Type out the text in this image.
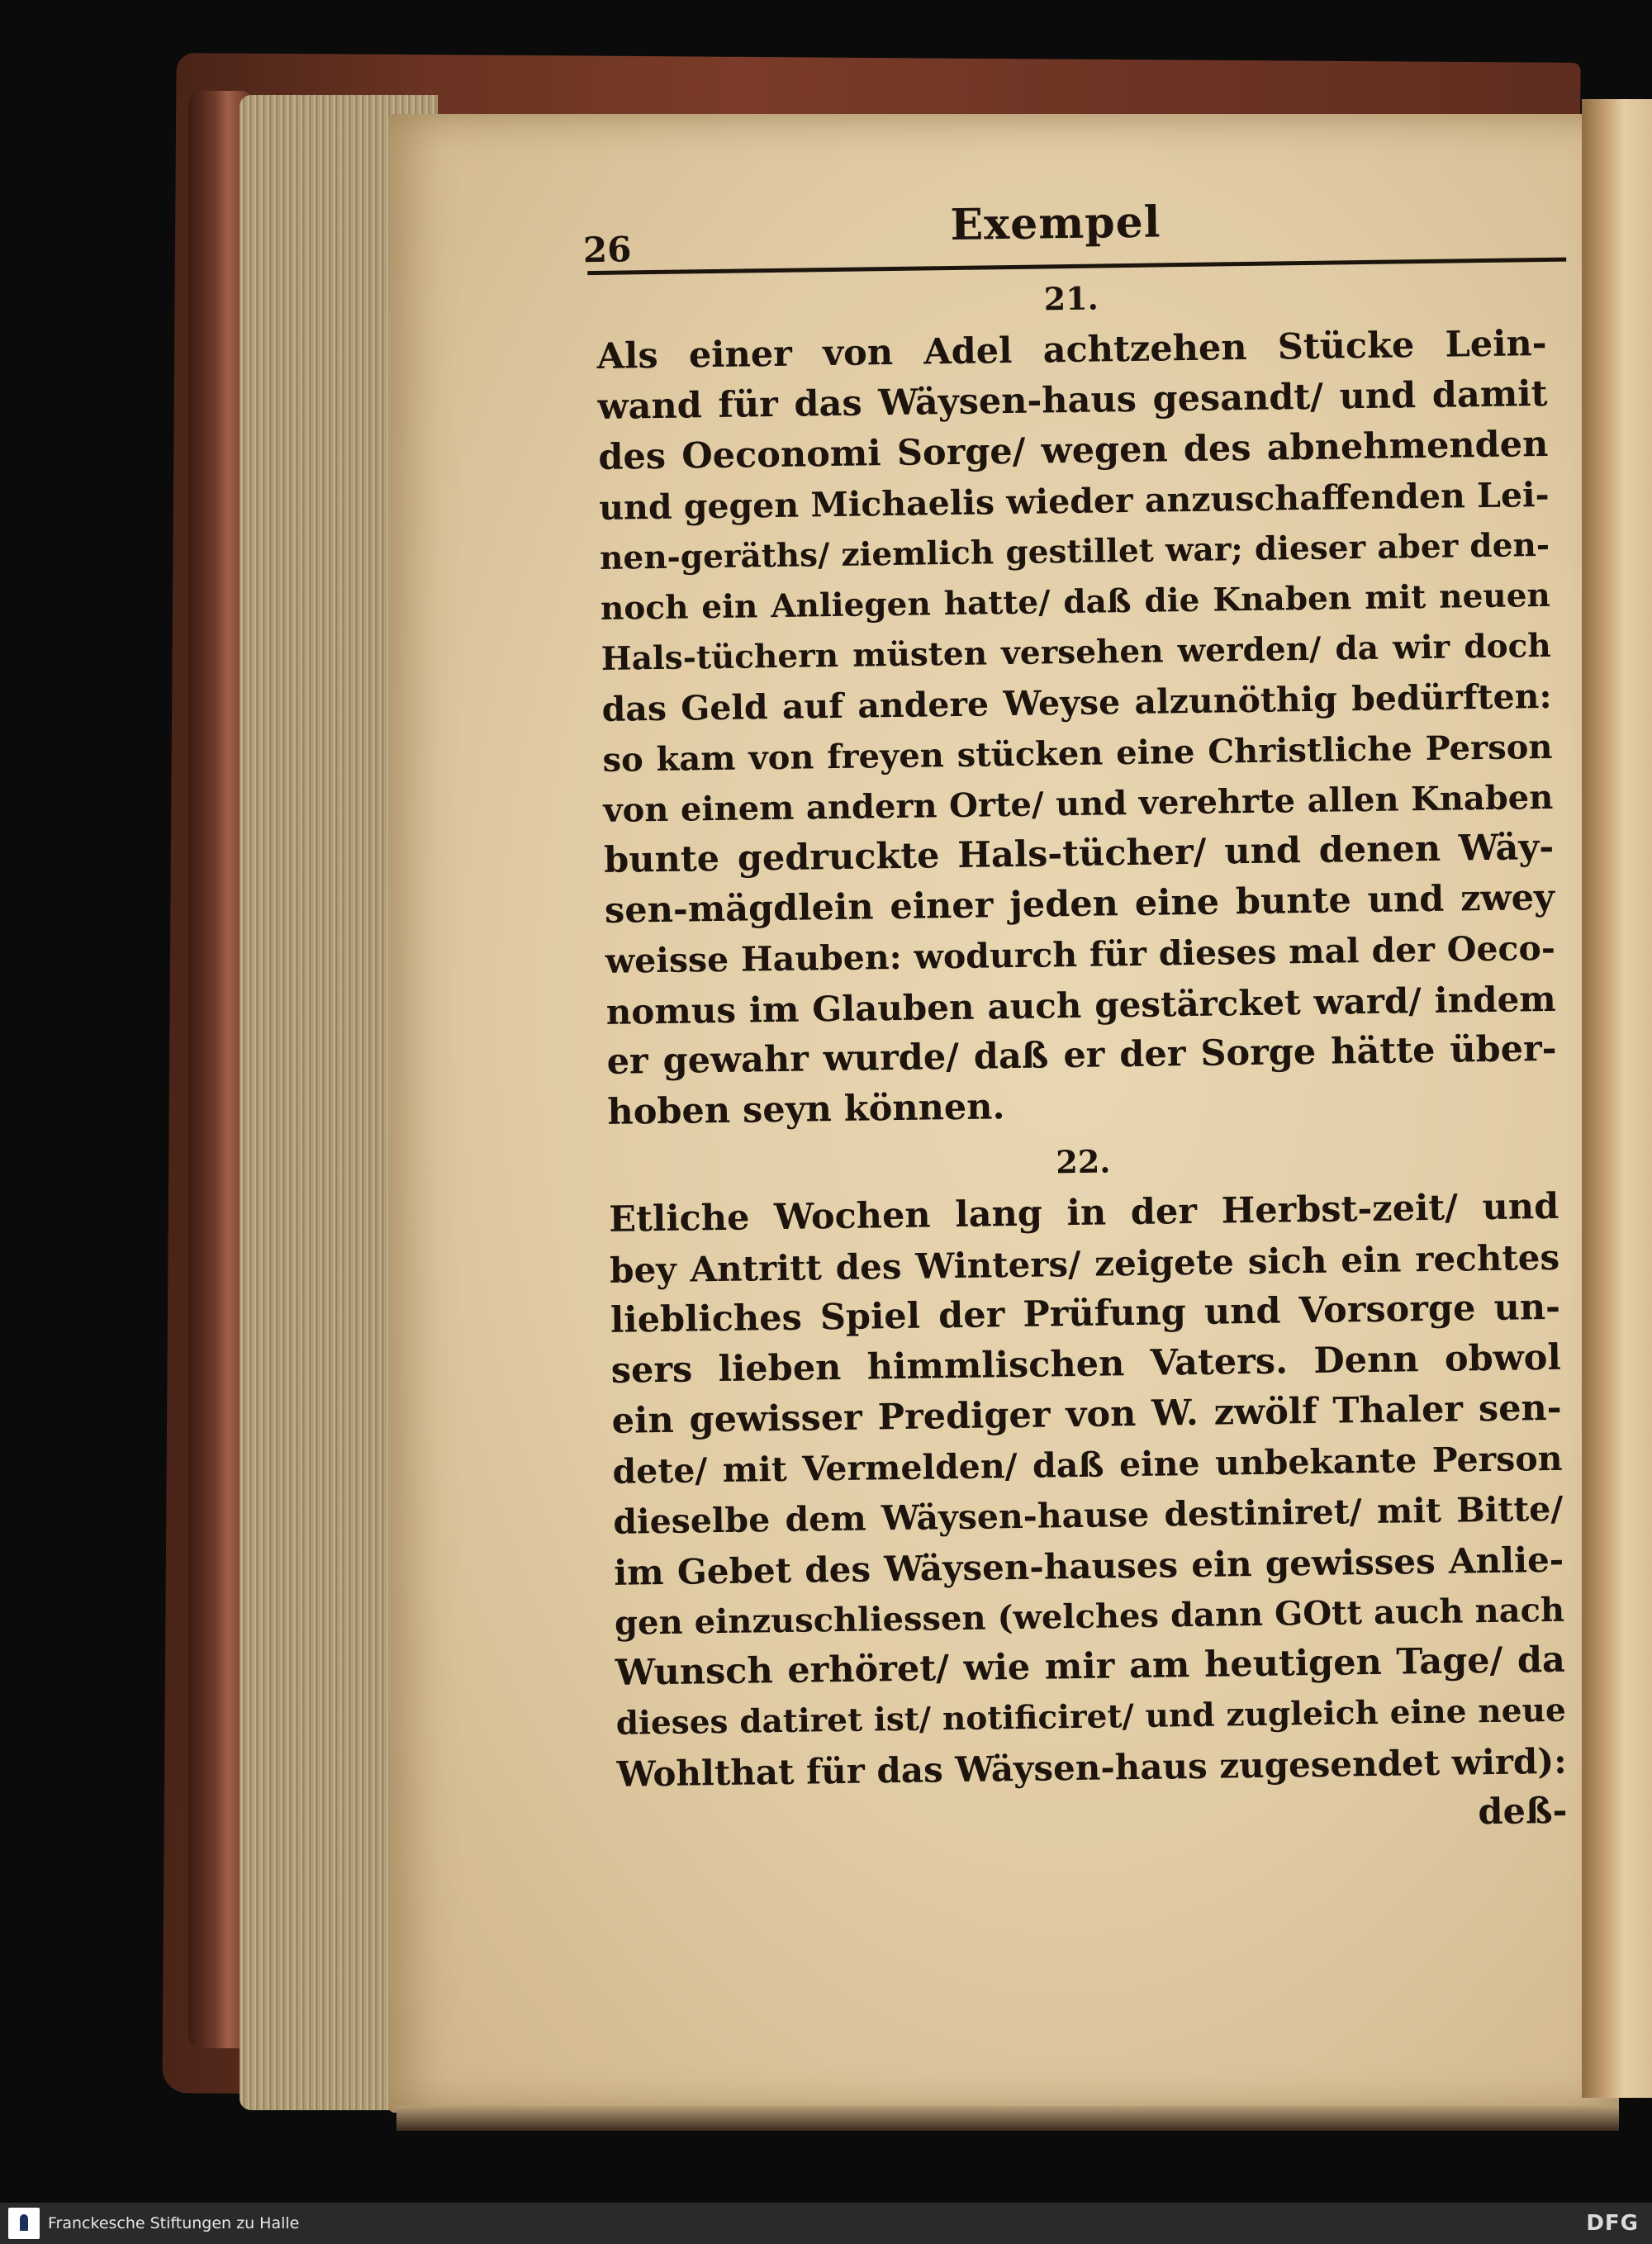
26	Exempel
21.
Als einer von Adel achtzehen Stücke Lein-
wand für das Wäysen-haus gesandt/ und damit
des Oeconomi Sorge/ wegen des abnehmenden
und gegen Michaelis wieder anzuschaffenden Lei-
nen-geräths/ ziemlich gestillet war; dieser aber den-
noch ein Anliegen hatte/ daß die Knaben mit neuen
Hals-tüchern müsten versehen werden/ da wir doch
das Geld auf andere Weyse alzunöthig bedürften:
so kam von freyen stücken eine Christliche Person
von einem andern Orte/ und verehrte allen Knaben
bunte gedruckte Hals-tücher/ und denen Wäy-
sen-mägdlein einer jeden eine bunte und zwey
weisse Hauben: wodurch für dieses mal der Oeco-
nomus im Glauben auch gestärcket ward/ indem
er gewahr wurde/ daß er der Sorge hätte über-
hoben seyn können.
22.
Etliche Wochen lang in der Herbst-zeit/ und
bey Antritt des Winters/ zeigete sich ein rechtes
liebliches Spiel der Prüfung und Vorsorge un-
sers lieben himmlischen Vaters. Denn obwol
ein gewisser Prediger von W. zwölf Thaler sen-
dete/ mit Vermelden/ daß eine unbekante Person
dieselbe dem Wäysen-hause destiniret/ mit Bitte/
im Gebet des Wäysen-hauses ein gewisses Anlie-
gen einzuschliessen (welches dann GOtt auch nach
Wunsch erhöret/ wie mir am heutigen Tage/ da
dieses datiret ist/ notificiret/ und zugleich eine neue
Wohlthat für das Wäysen-haus zugesendet wird):
deß-
Franckesche Stiftungen zu Halle	DFG
